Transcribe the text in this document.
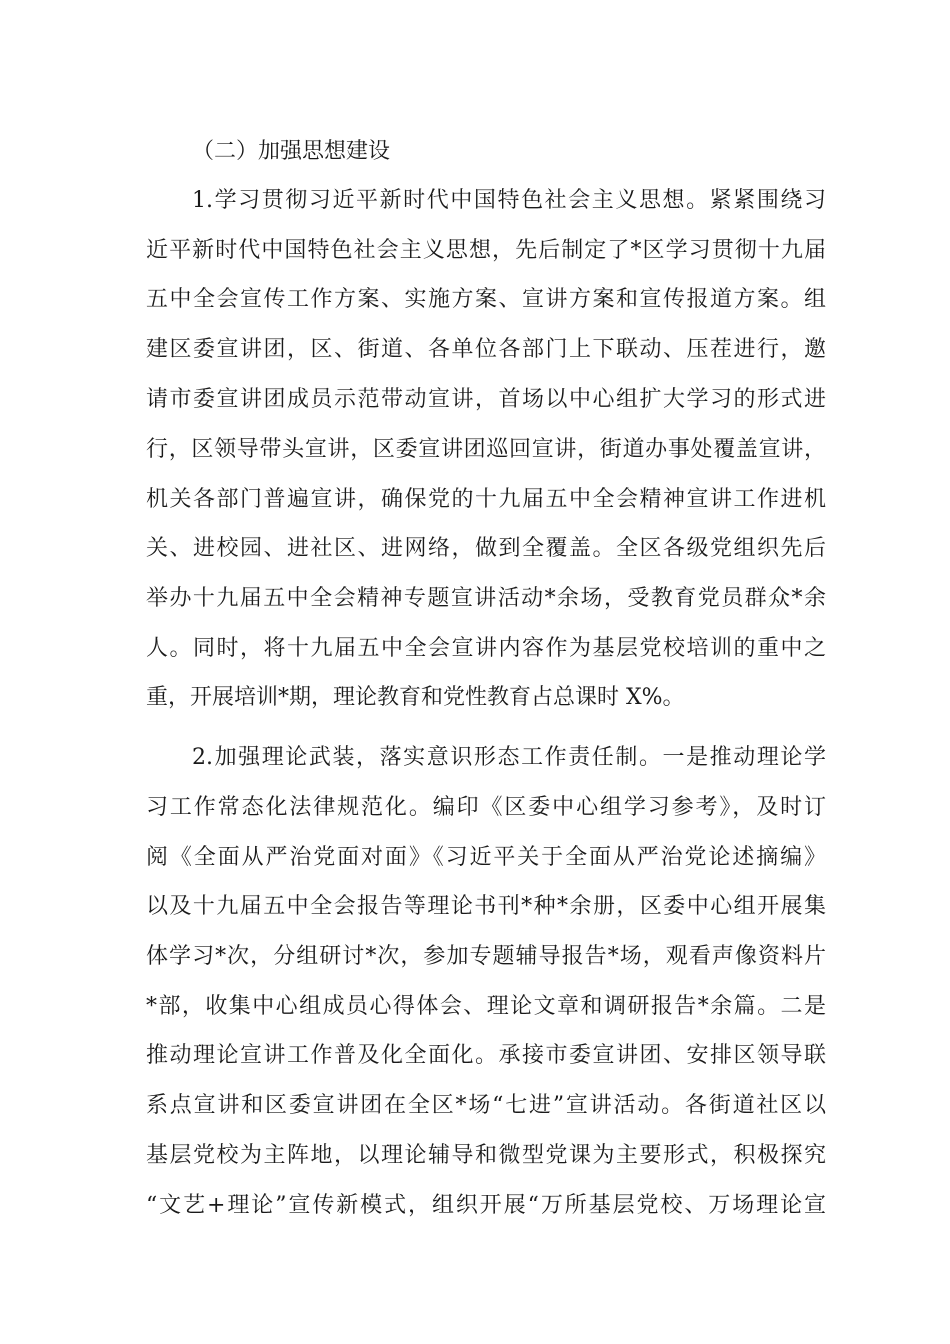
（二）加强思想建设
1.学习贯彻习近平新时代中国特色社会主义思想。紧紧围绕习
近平新时代中国特色社会主义思想，先后制定了*区学习贯彻十九届
五中全会宣传工作方案、实施方案、宣讲方案和宣传报道方案。组
建区委宣讲团，区、街道、各单位各部门上下联动、压茬进行，邀
请市委宣讲团成员示范带动宣讲，首场以中心组扩大学习的形式进
行，区领导带头宣讲，区委宣讲团巡回宣讲，街道办事处覆盖宣讲，
机关各部门普遍宣讲，确保党的十九届五中全会精神宣讲工作进机
关、进校园、进社区、进网络，做到全覆盖。全区各级党组织先后
举办十九届五中全会精神专题宣讲活动*余场，受教育党员群众*余
人。同时，将十九届五中全会宣讲内容作为基层党校培训的重中之
重，开展培训*期，理论教育和党性教育占总课时 X%。
2.加强理论武装，落实意识形态工作责任制。一是推动理论学
习工作常态化法律规范化。编印《区委中心组学习参考》，及时订
阅《全面从严治党面对面》《习近平关于全面从严治党论述摘编》
以及十九届五中全会报告等理论书刊*种*余册，区委中心组开展集
体学习*次，分组研讨*次，参加专题辅导报告*场，观看声像资料片
*部，收集中心组成员心得体会、理论文章和调研报告*余篇。二是
推动理论宣讲工作普及化全面化。承接市委宣讲团、安排区领导联
系点宣讲和区委宣讲团在全区*场“七进”宣讲活动。各街道社区以
基层党校为主阵地，以理论辅导和微型党课为主要形式，积极探究
“文艺+理论”宣传新模式，组织开展“万所基层党校、万场理论宣
